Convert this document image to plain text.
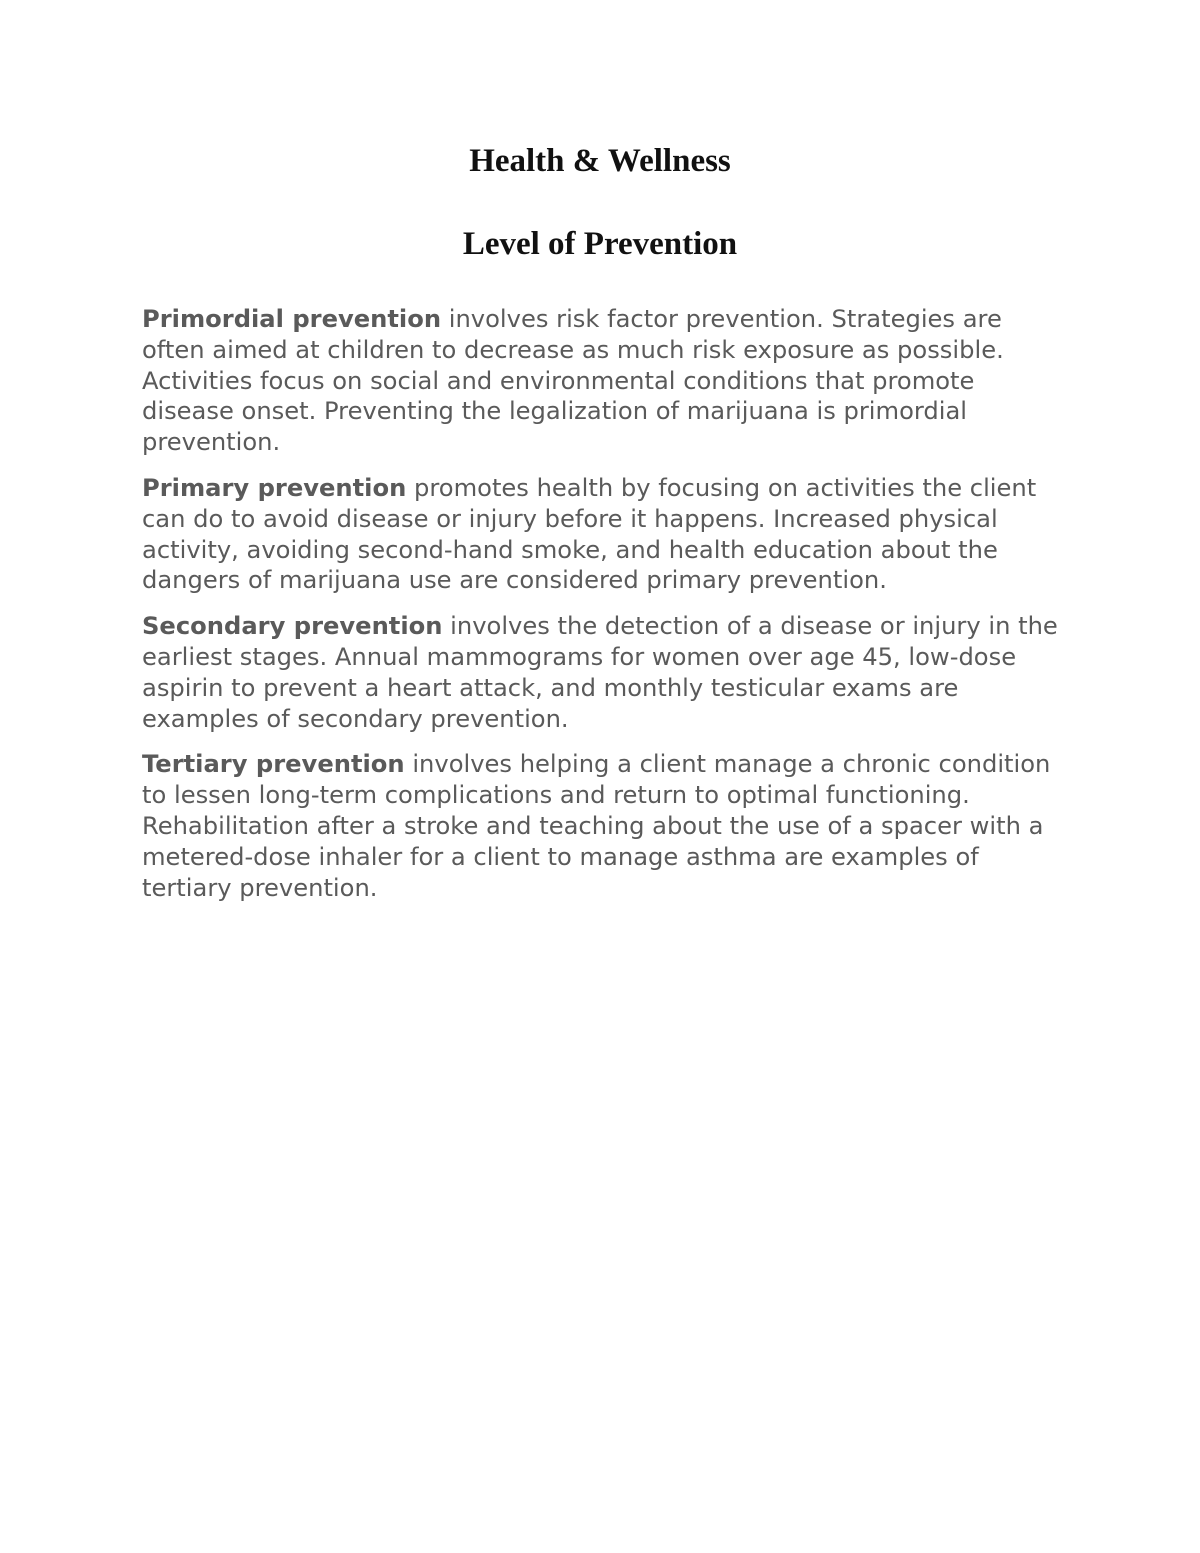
Health & Wellness
Level of Prevention

Primordial prevention involves risk factor prevention. Strategies are often aimed at children to decrease as much risk exposure as possible. Activities focus on social and environmental conditions that promote disease onset. Preventing the legalization of marijuana is primordial prevention.

Primary prevention promotes health by focusing on activities the client can do to avoid disease or injury before it happens. Increased physical activity, avoiding second-hand smoke, and health education about the dangers of marijuana use are considered primary prevention.

Secondary prevention involves the detection of a disease or injury in the earliest stages. Annual mammograms for women over age 45, low-dose aspirin to prevent a heart attack, and monthly testicular exams are examples of secondary prevention.

Tertiary prevention involves helping a client manage a chronic condition to lessen long-term complications and return to optimal functioning. Rehabilitation after a stroke and teaching about the use of a spacer with a metered-dose inhaler for a client to manage asthma are examples of tertiary prevention.
